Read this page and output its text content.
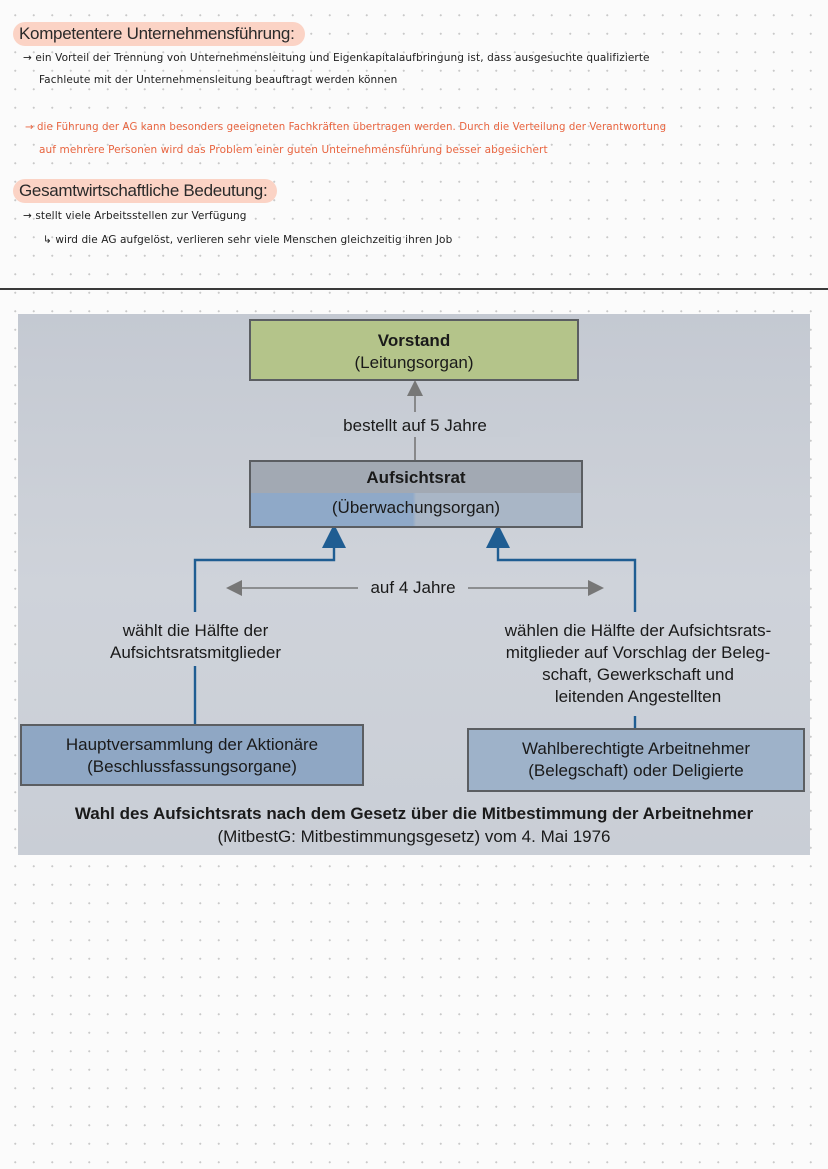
Kompetentere Unternehmensführung:
→ ein Vorteil der Trennung von Unternehmensleitung und Eigenkapitalaufbringung ist, dass ausgesuchte qualifizierte
Fachleute mit der Unternehmensleitung beauftragt werden können
→ die Führung der AG kann besonders geeigneten Fachkräften übertragen werden. Durch die Verteilung der Verantwortung
auf mehrere Personen wird das Problem einer guten Unternehmensführung besser abgesichert
Gesamtwirtschaftliche Bedeutung:
→ stellt viele Arbeitsstellen zur Verfügung
↳ wird die AG aufgelöst, verlieren sehr viele Menschen gleichzeitig ihren Job
Vorstand
(Leitungsorgan)
bestellt auf 5 Jahre
Aufsichtsrat
(Überwachungsorgan)
auf 4 Jahre
wählt die Hälfte der
Aufsichtsratsmitglieder
wählen die Hälfte der Aufsichtsrats-
mitglieder auf Vorschlag der Beleg-
schaft, Gewerkschaft und
leitenden Angestellten
Hauptversammlung der Aktionäre
(Beschlussfassungsorgane)
Wahlberechtigte Arbeitnehmer
(Belegschaft) oder Deligierte
Wahl des Aufsichtsrats nach dem Gesetz über die Mitbestimmung der Arbeitnehmer
(MitbestG: Mitbestimmungsgesetz) vom 4. Mai 1976
